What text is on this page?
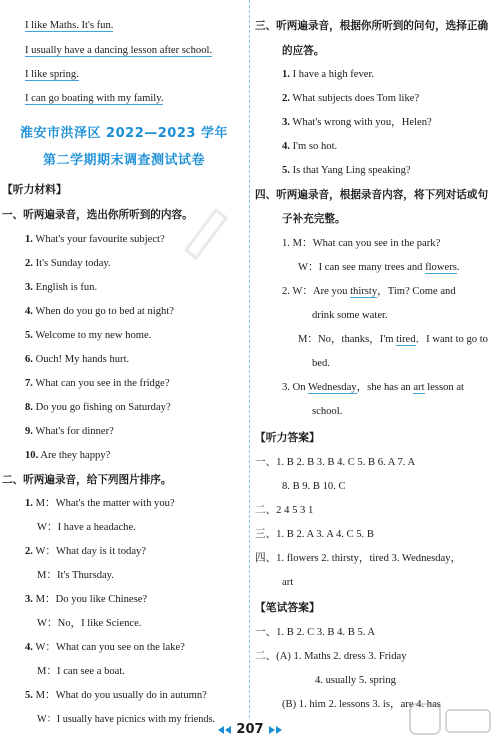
I like Maths. It's fun.
I usually have a dancing lesson after school.
I like spring.
I can go boating with my family.
淮安市洪泽区 2022—2023 学年
第二学期期末调查测试试卷
【听力材料】
一、听两遍录音，选出你所听到的内容。
1. What's your favourite subject?
2. It's Sunday today.
3. English is fun.
4. When do you go to bed at night?
5. Welcome to my new home.
6. Ouch! My hands hurt.
7. What can you see in the fridge?
8. Do you go fishing on Saturday?
9. What's for dinner?
10. Are they happy?
二、听两遍录音，给下列图片排序。
1. M：What's the matter with you?
W：I have a headache.
2. W：What day is it today?
M：It's Thursday.
3. M：Do you like Chinese?
W：No，I like Science.
4. W：What can you see on the lake?
M：I can see a boat.
5. M：What do you usually do in autumn?
W：I usually have picnics with my friends.
三、听两遍录音，根据你所听到的问句，选择正确
的应答。
1. I have a high fever.
2. What subjects does Tom like?
3. What's wrong with you，Helen?
4. I'm so hot.
5. Is that Yang Ling speaking?
四、听两遍录音，根据录音内容，将下列对话或句
子补充完整。
1. M：What can you see in the park?
W：I can see many trees and flowers.
2. W：Are you thirsty，Tim? Come and
drink some water.
M：No，thanks，I'm tired．I want to go to
bed.
3. On Wednesday，she has an art lesson at
school.
【听力答案】
一、1. B 2. B 3. B 4. C 5. B 6. A 7. A
8. B 9. B 10. C
二、2 4 5 3 1
三、1. B 2. A 3. A 4. C 5. B
四、1. flowers 2. thirsty，tired 3. Wednesday，
art
【笔试答案】
一、1. B 2. C 3. B 4. B 5. A
二、(A) 1. Maths 2. dress 3. Friday
4. usually 5. spring
(B) 1. him 2. lessons 3. is，are 4. has
207
